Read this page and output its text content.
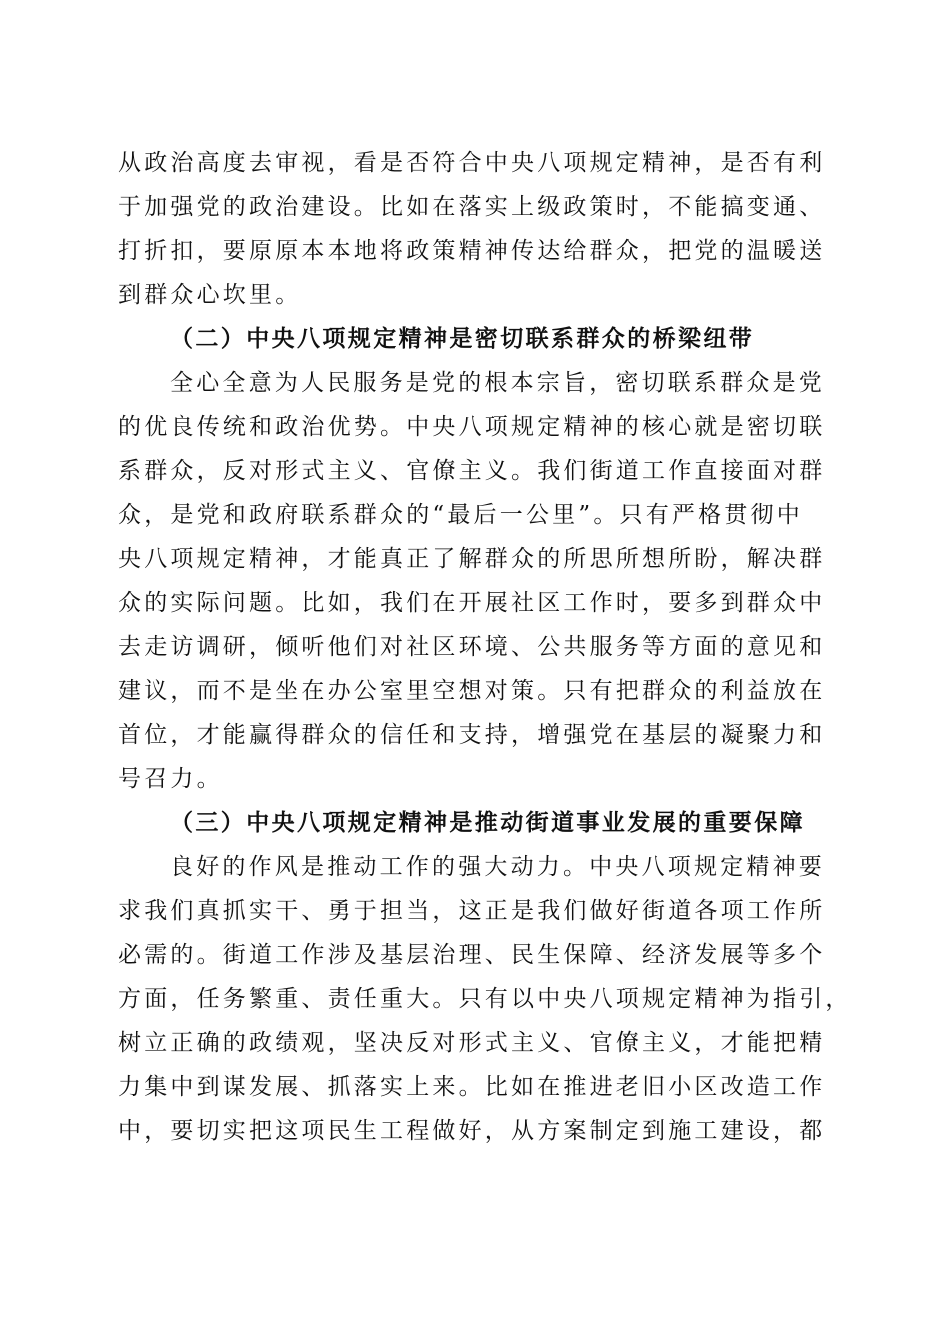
从政治高度去审视，看是否符合中央八项规定精神，是否有利
于加强党的政治建设。比如在落实上级政策时，不能搞变通、
打折扣，要原原本本地将政策精神传达给群众，把党的温暖送
到群众心坎里。
（二）中央八项规定精神是密切联系群众的桥梁纽带
全心全意为人民服务是党的根本宗旨，密切联系群众是党
的优良传统和政治优势。中央八项规定精神的核心就是密切联
系群众，反对形式主义、官僚主义。我们街道工作直接面对群
众，是党和政府联系群众的“最后一公里”。只有严格贯彻中
央八项规定精神，才能真正了解群众的所思所想所盼，解决群
众的实际问题。比如，我们在开展社区工作时，要多到群众中
去走访调研，倾听他们对社区环境、公共服务等方面的意见和
建议，而不是坐在办公室里空想对策。只有把群众的利益放在
首位，才能赢得群众的信任和支持，增强党在基层的凝聚力和
号召力。
（三）中央八项规定精神是推动街道事业发展的重要保障
良好的作风是推动工作的强大动力。中央八项规定精神要
求我们真抓实干、勇于担当，这正是我们做好街道各项工作所
必需的。街道工作涉及基层治理、民生保障、经济发展等多个
方面，任务繁重、责任重大。只有以中央八项规定精神为指引，
树立正确的政绩观，坚决反对形式主义、官僚主义，才能把精
力集中到谋发展、抓落实上来。比如在推进老旧小区改造工作
中，要切实把这项民生工程做好，从方案制定到施工建设，都
